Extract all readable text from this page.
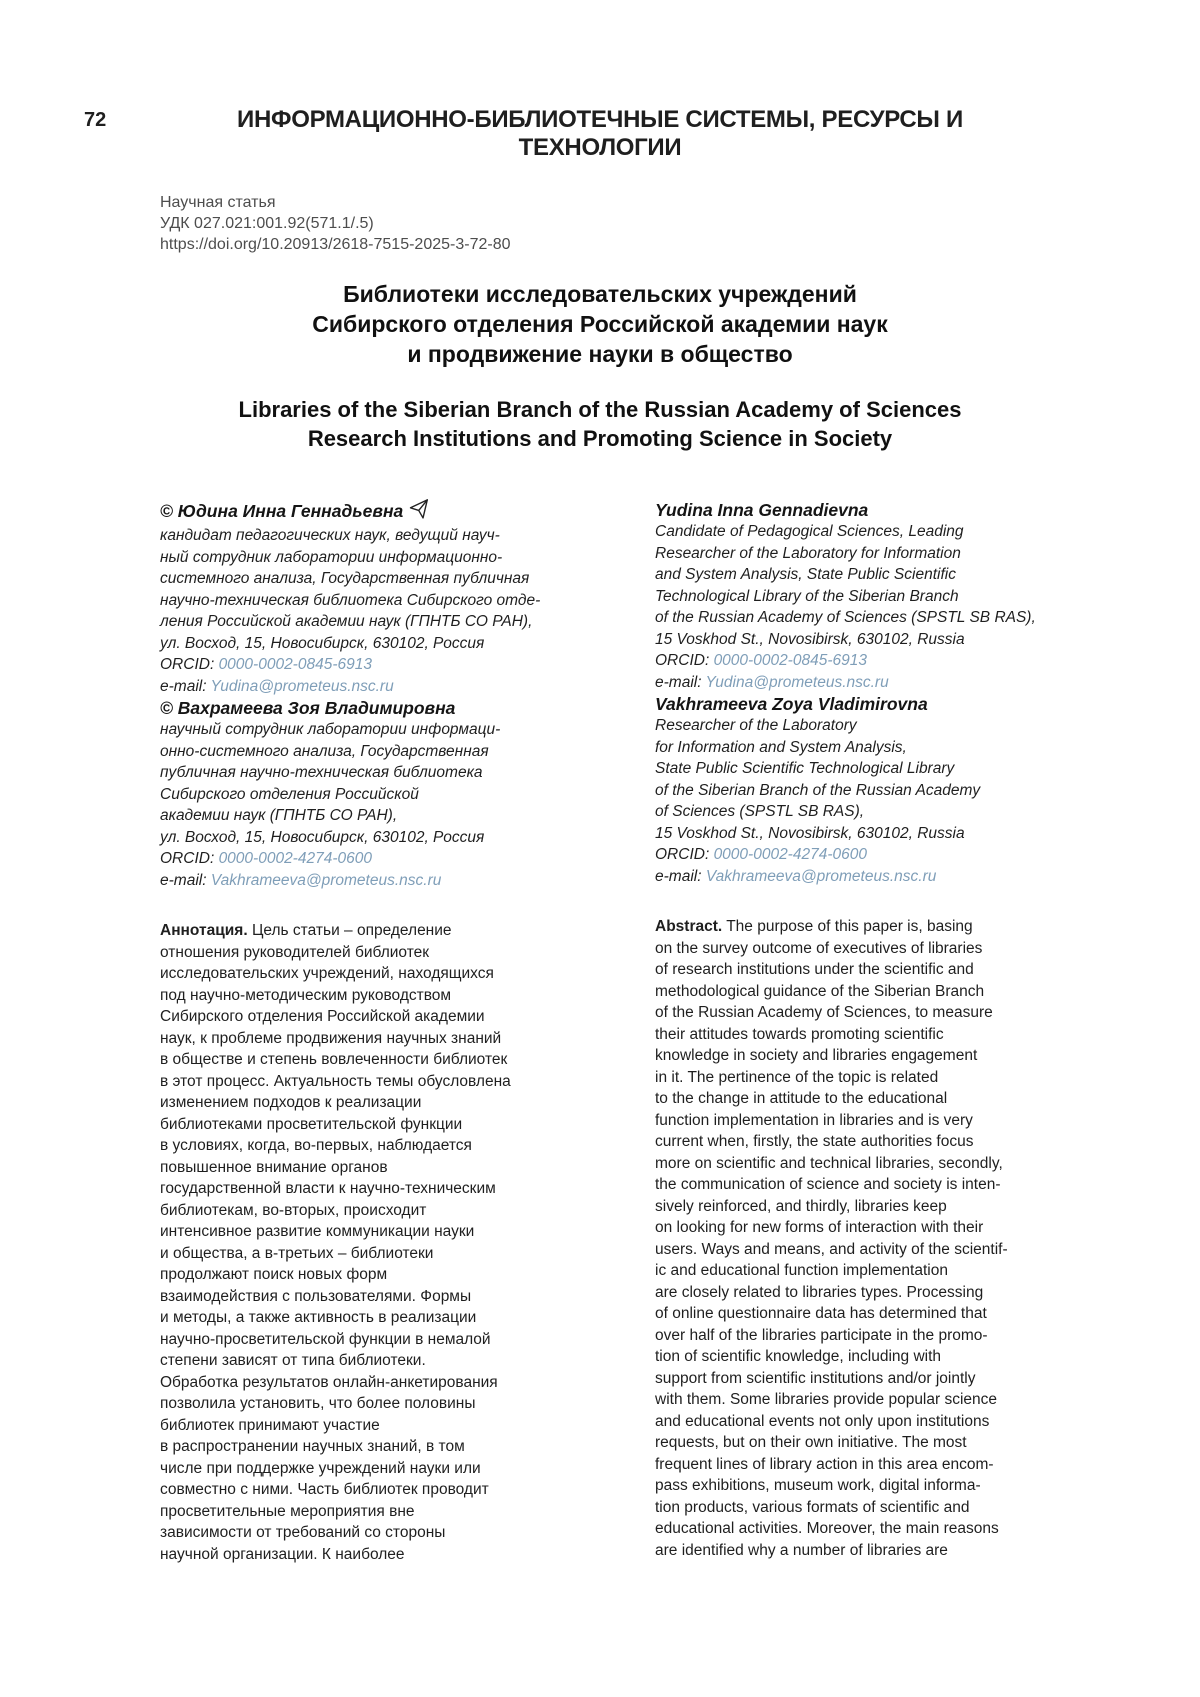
72	ИНФОРМАЦИОННО-БИБЛИОТЕЧНЫЕ СИСТЕМЫ, РЕСУРСЫ И ТЕХНОЛОГИИ

Научная статья
УДК 027.021:001.92(571.1/.5)
https://doi.org/10.20913/2618-7515-2025-3-72-80

Библиотеки исследовательских учреждений
Сибирского отделения Российской академии наук
и продвижение науки в общество
Libraries of the Siberian Branch of the Russian Academy of Sciences
Research Institutions and Promoting Science in Society

© Юдина Инна Геннадьевна

кандидат педагогических наук, ведущий науч-
ный сотрудник лаборатории информационно-
системного анализа, Государственная публичная
научно-техническая библиотека Сибирского отде-
ления Российской академии наук (ГПНТБ СО РАН),
ул. Восход, 15, Новосибирск, 630102, Россия

ORCID: 0000-0002-0845-6913

e-mail: Yudina@prometeus.nsc.ru

© Вахрамеева Зоя Владимировна

научный сотрудник лаборатории информаци-
онно-системного анализа, Государственная
публичная научно-техническая библиотека
Сибирского отделения Российской
академии наук (ГПНТБ СО РАН),
ул. Восход, 15, Новосибирск, 630102, Россия

ORCID: 0000-0002-4274-0600

e-mail: Vakhrameeva@prometeus.nsc.ru

Аннотация. Цель статьи – определение
отношения руководителей библиотек
исследовательских учреждений, находящихся
под научно-методическим руководством
Сибирского отделения Российской академии
наук, к проблеме продвижения научных знаний
в обществе и степень вовлеченности библиотек
в этот процесс. Актуальность темы обусловлена
изменением подходов к реализации
библиотеками просветительской функции
в условиях, когда, во-первых, наблюдается
повышенное внимание органов
государственной власти к научно-техническим
библиотекам, во-вторых, происходит
интенсивное развитие коммуникации науки
и общества, а в-третьих – библиотеки
продолжают поиск новых форм
взаимодействия с пользователями. Формы
и методы, а также активность в реализации
научно-просветительской функции в немалой
степени зависят от типа библиотеки.
Обработка результатов онлайн-анкетирования
позволила установить, что более половины
библиотек принимают участие
в распространении научных знаний, в том
числе при поддержке учреждений науки или
совместно с ними. Часть библиотек проводит
просветительные мероприятия вне
зависимости от требований со стороны
научной организации. К наиболее

Yudina Inna Gennadievna

Candidate of Pedagogical Sciences, Leading
Researcher of the Laboratory for Information
and System Analysis, State Public Scientific
Technological Library of the Siberian Branch
of the Russian Academy of Sciences (SPSTL SB RAS),
15 Voskhod St., Novosibirsk, 630102, Russia

ORCID: 0000-0002-0845-6913

e-mail: Yudina@prometeus.nsc.ru

Vakhrameeva Zoya Vladimirovna

Researcher of the Laboratory
for Information and System Analysis,
State Public Scientific Technological Library
of the Siberian Branch of the Russian Academy
of Sciences (SPSTL SB RAS),
15 Voskhod St., Novosibirsk, 630102, Russia

ORCID: 0000-0002-4274-0600

e-mail: Vakhrameeva@prometeus.nsc.ru

Abstract. The purpose of this paper is, basing
on the survey outcome of executives of libraries
of research institutions under the scientific and
methodological guidance of the Siberian Branch
of the Russian Academy of Sciences, to measure
their attitudes towards promoting scientific
knowledge in society and libraries engagement
in it. The pertinence of the topic is related
to the change in attitude to the educational
function implementation in libraries and is very
current when, firstly, the state authorities focus
more on scientific and technical libraries, secondly,
the communication of science and society is inten-
sively reinforced, and thirdly, libraries keep
on looking for new forms of interaction with their
users. Ways and means, and activity of the scientif-
ic and educational function implementation
are closely related to libraries types. Processing
of online questionnaire data has determined that
over half of the libraries participate in the promo-
tion of scientific knowledge, including with
support from scientific institutions and/or jointly
with them. Some libraries provide popular science
and educational events not only upon institutions
requests, but on their own initiative. The most
frequent lines of library action in this area encom-
pass exhibitions, museum work, digital informa-
tion products, various formats of scientific and
educational activities. Moreover, the main reasons
are identified why a number of libraries are
